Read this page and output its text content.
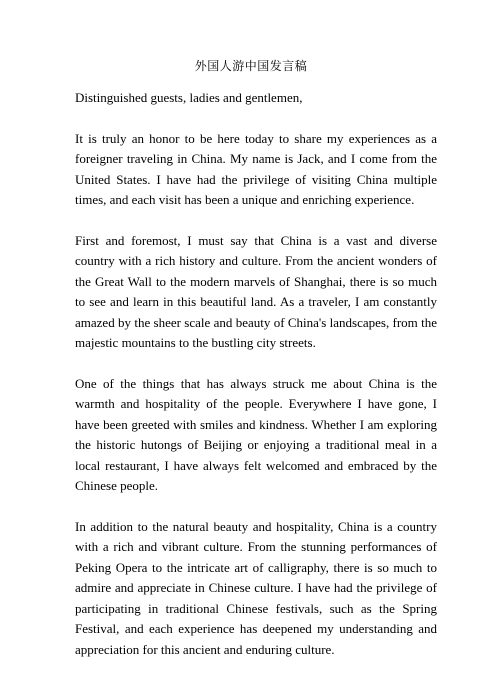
外国人游中国发言稿

Distinguished guests, ladies and gentlemen,

It is truly an honor to be here today to share my experiences as a foreigner traveling in China. My name is Jack, and I come from the United States. I have had the privilege of visiting China multiple times, and each visit has been a unique and enriching experience.

First and foremost, I must say that China is a vast and diverse country with a rich history and culture. From the ancient wonders of the Great Wall to the modern marvels of Shanghai, there is so much to see and learn in this beautiful land. As a traveler, I am constantly amazed by the sheer scale and beauty of China's landscapes, from the majestic mountains to the bustling city streets.

One of the things that has always struck me about China is the warmth and hospitality of the people. Everywhere I have gone, I have been greeted with smiles and kindness. Whether I am exploring the historic hutongs of Beijing or enjoying a traditional meal in a local restaurant, I have always felt welcomed and embraced by the Chinese people.

In addition to the natural beauty and hospitality, China is a country with a rich and vibrant culture. From the stunning performances of Peking Opera to the intricate art of calligraphy, there is so much to admire and appreciate in Chinese culture. I have had the privilege of participating in traditional Chinese festivals, such as the Spring Festival, and each experience has deepened my understanding and appreciation for this ancient and enduring culture.
